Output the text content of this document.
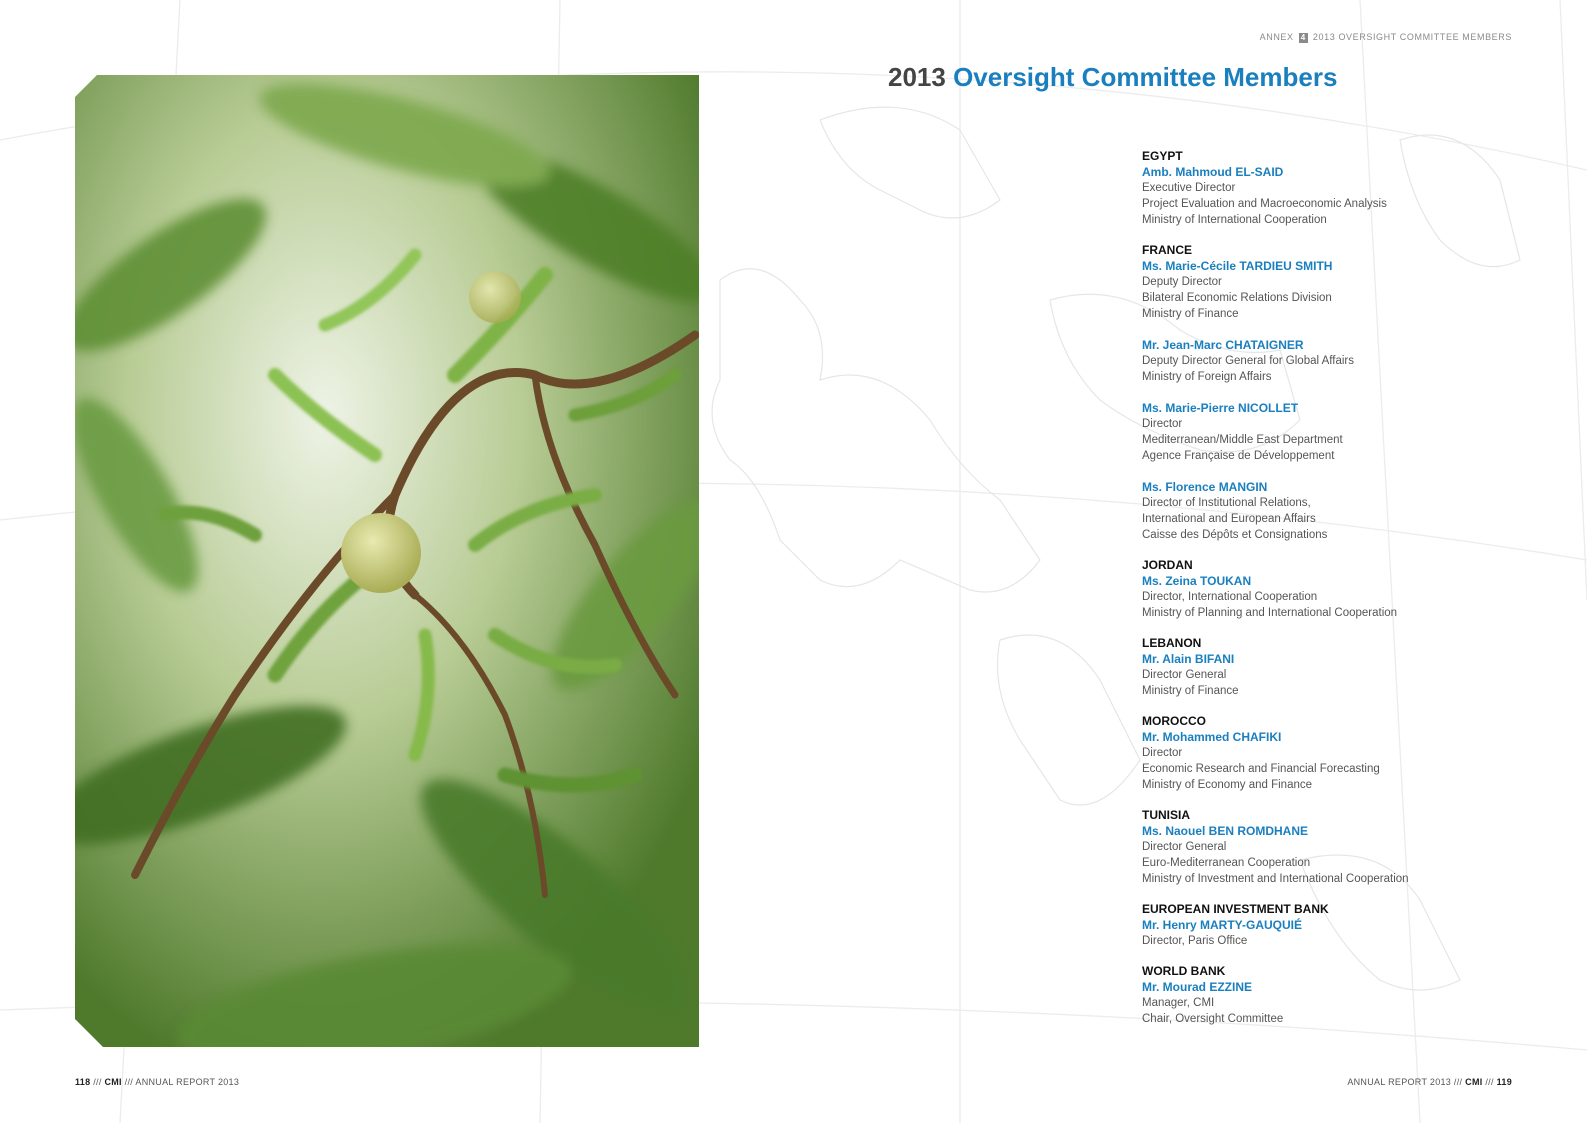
ANNEX 4 2013 OVERSIGHT COMMITTEE MEMBERS
2013 Oversight Committee Members
EGYPT
Amb. Mahmoud EL-SAID
Executive Director
Project Evaluation and Macroeconomic Analysis
Ministry of International Cooperation
FRANCE
Ms. Marie-Cécile TARDIEU SMITH
Deputy Director
Bilateral Economic Relations Division
Ministry of Finance
Mr. Jean-Marc CHATAIGNER
Deputy Director General for Global Affairs
Ministry of Foreign Affairs
Ms. Marie-Pierre NICOLLET
Director
Mediterranean/Middle East Department
Agence Française de Développement
Ms. Florence MANGIN
Director of Institutional Relations,
International and European Affairs
Caisse des Dépôts et Consignations
JORDAN
Ms. Zeina TOUKAN
Director, International Cooperation
Ministry of Planning and International Cooperation
LEBANON
Mr. Alain BIFANI
Director General
Ministry of Finance
MOROCCO
Mr. Mohammed CHAFIKI
Director
Economic Research and Financial Forecasting
Ministry of Economy and Finance
TUNISIA
Ms. Naouel BEN ROMDHANE
Director General
Euro-Mediterranean Cooperation
Ministry of Investment and International Cooperation
EUROPEAN INVESTMENT BANK
Mr. Henry MARTY-GAUQUIÉ
Director, Paris Office
WORLD BANK
Mr. Mourad EZZINE
Manager, CMI
Chair, Oversight Committee
118 /// CMI /// ANNUAL REPORT 2013	ANNUAL REPORT 2013 /// CMI /// 119
